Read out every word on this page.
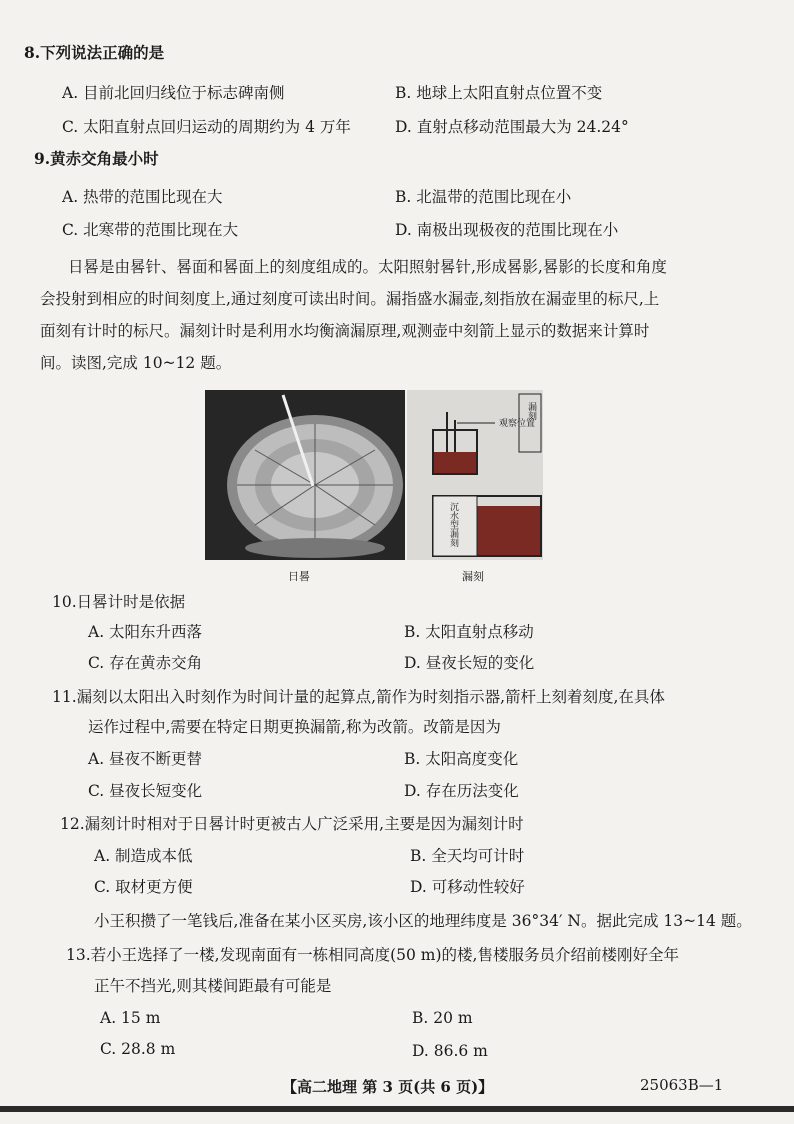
8.下列说法正确的是
A. 目前北回归线位于标志碑南侧	B. 地球上太阳直射点位置不变
C. 太阳直射点回归运动的周期约为 4 万年	D. 直射点移动范围最大为 24.24°
9.黄赤交角最小时
A. 热带的范围比现在大	B. 北温带的范围比现在小
C. 北寒带的范围比现在大	D. 南极出现极夜的范围比现在小
日晷是由晷针、晷面和晷面上的刻度组成的。太阳照射晷针,形成晷影,晷影的长度和角度
会投射到相应的时间刻度上,通过刻度可读出时间。漏指盛水漏壶,刻指放在漏壶里的标尺,上
面刻有计时的标尺。漏刻计时是利用水均衡滴漏原理,观测壶中刻箭上显示的数据来计算时
间。读图,完成 10~12 题。
观察位置
漏刻
沉水型漏刻
日晷	漏刻
10.日晷计时是依据
A. 太阳东升西落	B. 太阳直射点移动
C. 存在黄赤交角	D. 昼夜长短的变化
11.漏刻以太阳出入时刻作为时间计量的起算点,箭作为时刻指示器,箭杆上刻着刻度,在具体
运作过程中,需要在特定日期更换漏箭,称为改箭。改箭是因为
A. 昼夜不断更替	B. 太阳高度变化
C. 昼夜长短变化	D. 存在历法变化
12.漏刻计时相对于日晷计时更被古人广泛采用,主要是因为漏刻计时
A. 制造成本低	B. 全天均可计时
C. 取材更方便	D. 可移动性较好
小王积攒了一笔钱后,准备在某小区买房,该小区的地理纬度是 36°34′ N。据此完成 13~14 题。
13.若小王选择了一楼,发现南面有一栋相同高度(50 m)的楼,售楼服务员介绍前楼刚好全年
正午不挡光,则其楼间距最有可能是
A. 15 m	B. 20 m
C. 28.8 m	D. 86.6 m
【高二地理 第 3 页(共 6 页)】	25063B—1
